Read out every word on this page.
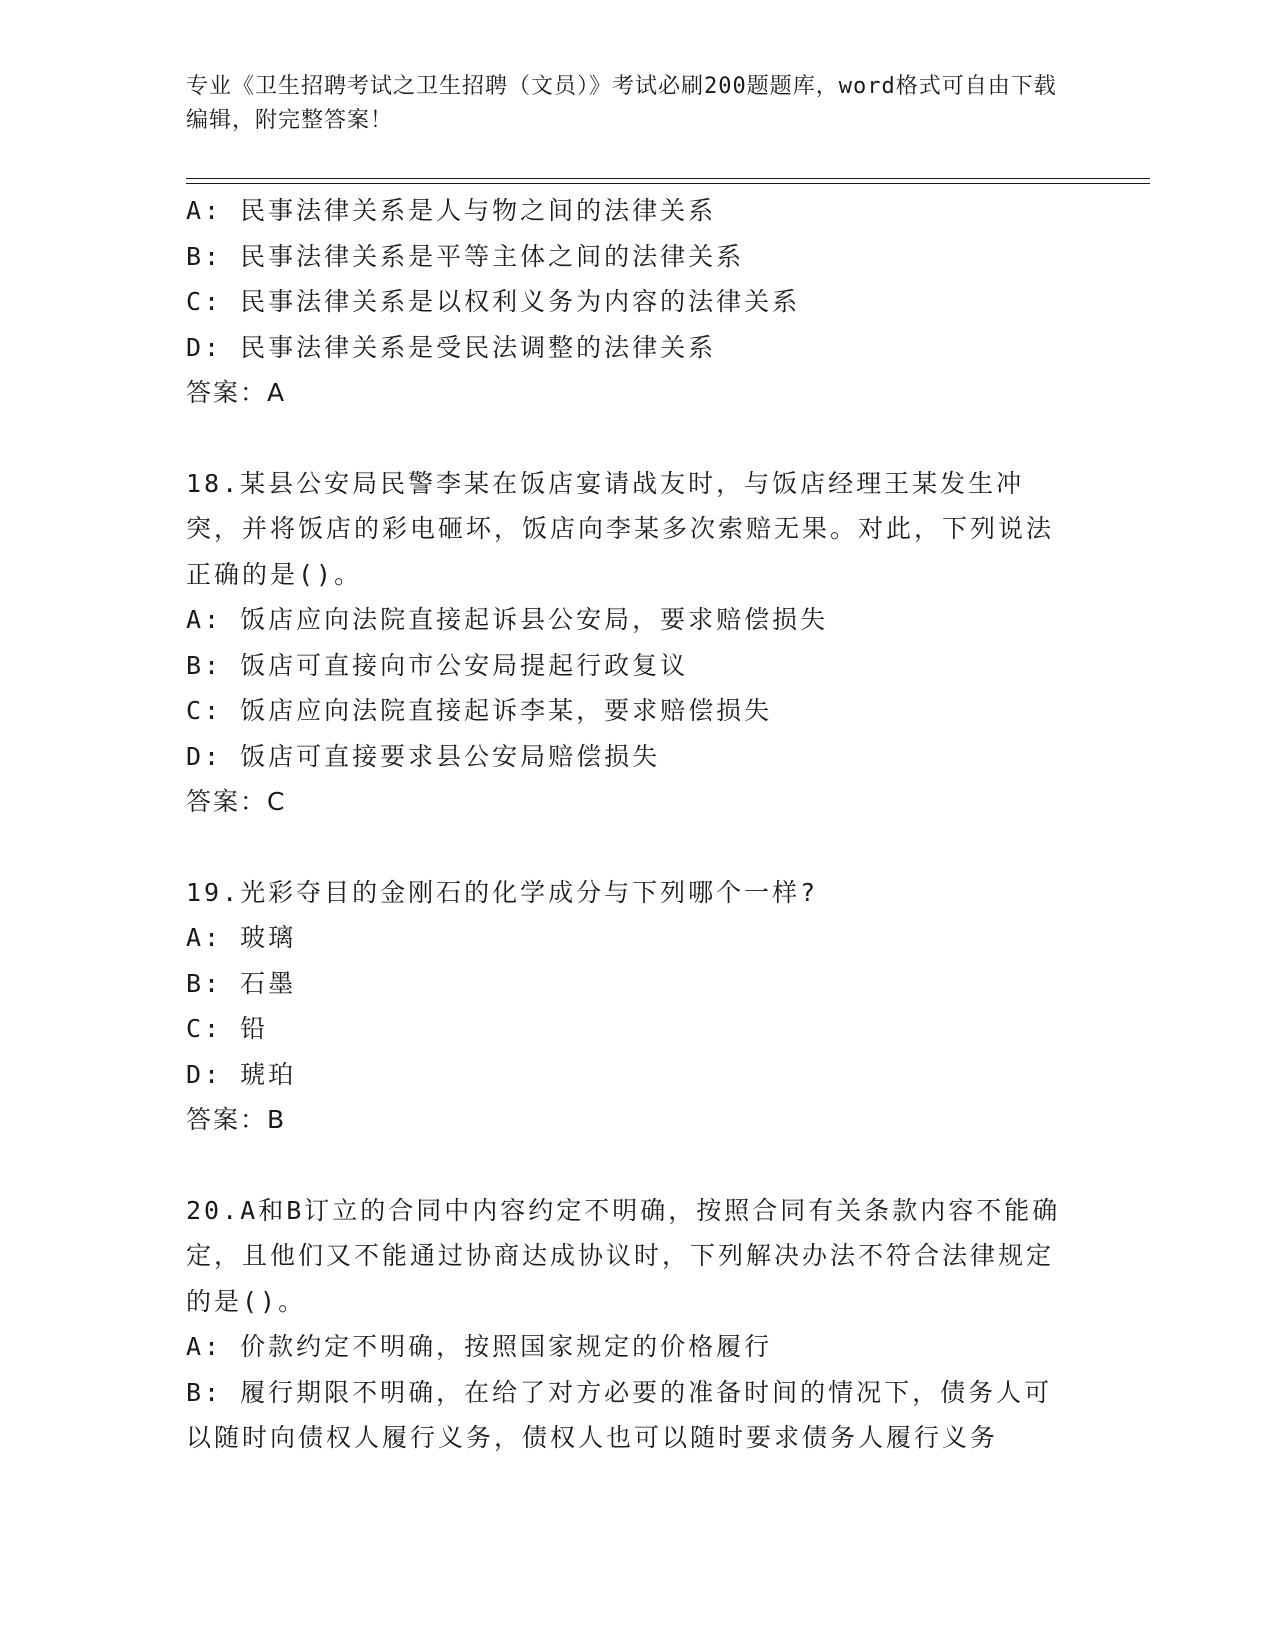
专业《卫生招聘考试之卫生招聘（文员）》考试必刷200题题库，word格式可自由下载编辑，附完整答案！
A: 民事法律关系是人与物之间的法律关系
B: 民事法律关系是平等主体之间的法律关系
C: 民事法律关系是以权利义务为内容的法律关系
D: 民事法律关系是受民法调整的法律关系
答案：A
18.某县公安局民警李某在饭店宴请战友时，与饭店经理王某发生冲突，并将饭店的彩电砸坏，饭店向李某多次索赔无果。对此，下列说法正确的是()。
A: 饭店应向法院直接起诉县公安局，要求赔偿损失
B: 饭店可直接向市公安局提起行政复议
C: 饭店应向法院直接起诉李某，要求赔偿损失
D: 饭店可直接要求县公安局赔偿损失
答案：C
19.光彩夺目的金刚石的化学成分与下列哪个一样?
A: 玻璃
B: 石墨
C: 铅
D: 琥珀
答案：B
20.A和B订立的合同中内容约定不明确，按照合同有关条款内容不能确定，且他们又不能通过协商达成协议时，下列解决办法不符合法律规定的是()。
A: 价款约定不明确，按照国家规定的价格履行
B: 履行期限不明确，在给了对方必要的准备时间的情况下，债务人可以随时向债权人履行义务，债权人也可以随时要求债务人履行义务
